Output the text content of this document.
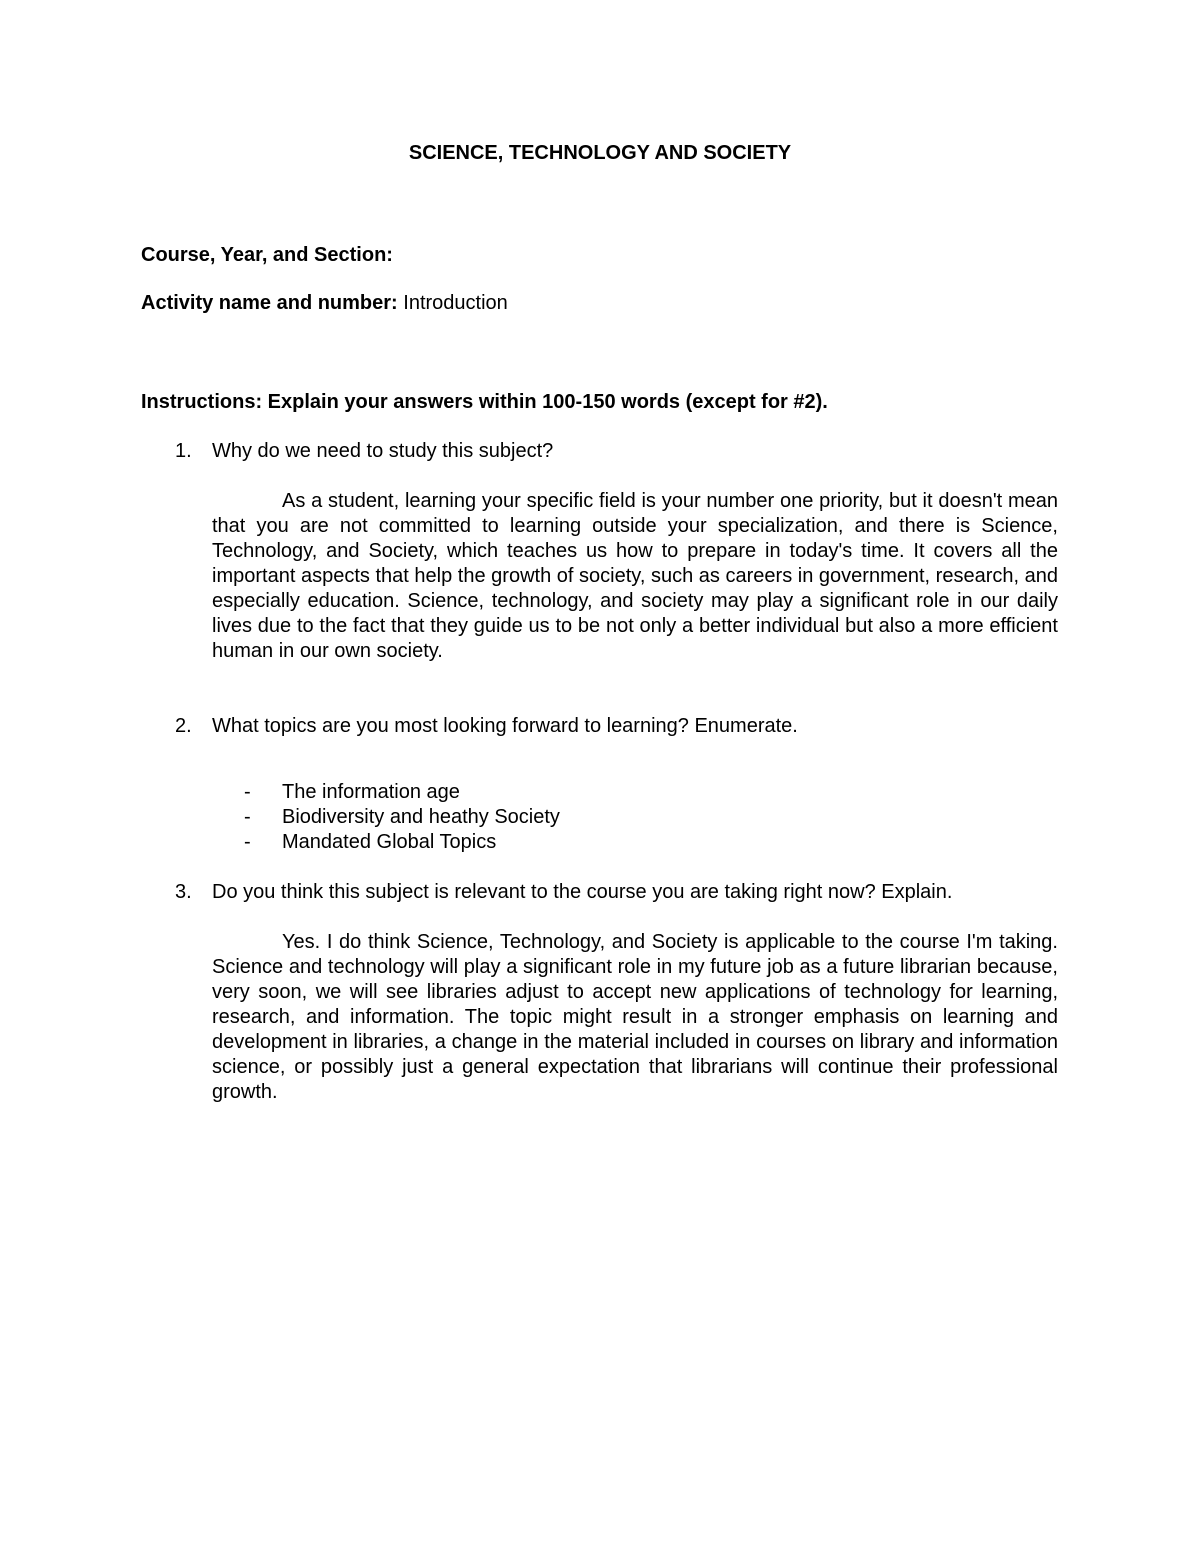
SCIENCE, TECHNOLOGY AND SOCIETY
Course, Year, and Section:
Activity name and number: Introduction
Instructions: Explain your answers within 100-150 words (except for #2).
1. Why do we need to study this subject?
As a student, learning your specific field is your number one priority, but it doesn't mean that you are not committed to learning outside your specialization, and there is Science, Technology, and Society, which teaches us how to prepare in today's time. It covers all the important aspects that help the growth of society, such as careers in government, research, and especially education. Science, technology, and society may play a significant role in our daily lives due to the fact that they guide us to be not only a better individual but also a more efficient human in our own society.
2. What topics are you most looking forward to learning? Enumerate.
- The information age
- Biodiversity and heathy Society
- Mandated Global Topics
3. Do you think this subject is relevant to the course you are taking right now? Explain.
Yes. I do think Science, Technology, and Society is applicable to the course I'm taking. Science and technology will play a significant role in my future job as a future librarian because, very soon, we will see libraries adjust to accept new applications of technology for learning, research, and information. The topic might result in a stronger emphasis on learning and development in libraries, a change in the material included in courses on library and information science, or possibly just a general expectation that librarians will continue their professional growth.
